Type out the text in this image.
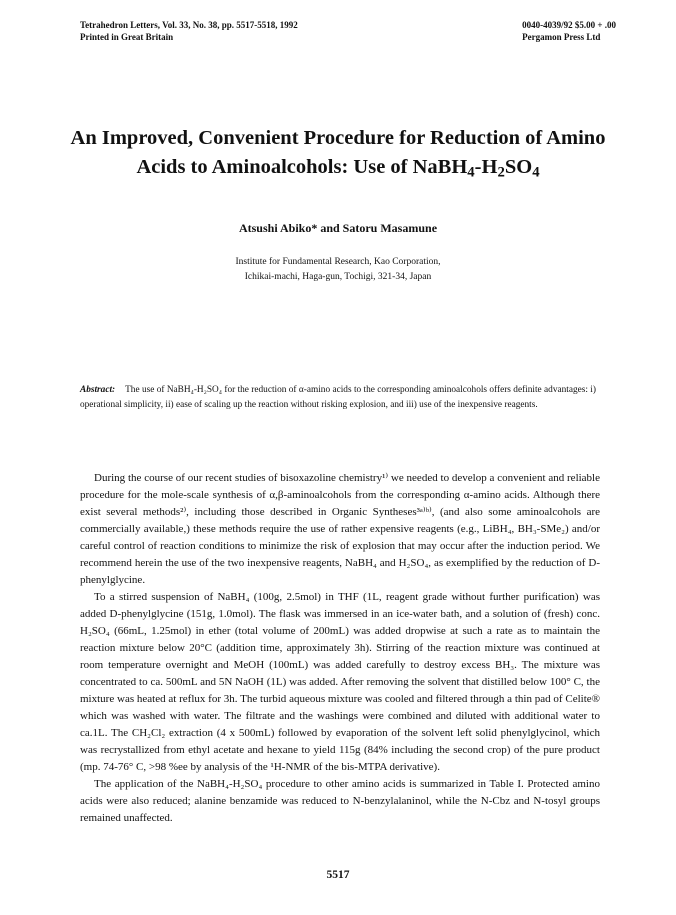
Tetrahedron Letters, Vol. 33, No. 38, pp. 5517-5518, 1992
Printed in Great Britain
0040-4039/92 $5.00 + .00
Pergamon Press Ltd
An Improved, Convenient Procedure for Reduction of Amino
Acids to Aminoalcohols: Use of $NaBH_4-H_2SO_4$
Atsushi Abiko* and Satoru Masamune
Institute for Fundamental Research, Kao Corporation,
Ichikai-machi, Haga-gun, Tochigi, 321-34, Japan
Abstract: The use of NaBH₄-H₂SO₄ for the reduction of α-amino acids to the corresponding aminoalcohols offers definite advantages: i) operational simplicity, ii) ease of scaling up the reaction without risking explosion, and iii) use of the inexpensive reagents.

During the course of our recent studies of bisoxazoline chemistry¹⁾ we needed to develop a convenient and reliable procedure for the mole-scale synthesis of α,β-aminoalcohols from the corresponding α-amino acids. Although there exist several methods²⁾, including those described in Organic Syntheses³ᵃ⁾ᵇ⁾, (and also some aminoalcohols are commercially available,) these methods require the use of rather expensive reagents (e.g., LiBH₄, BH₃-SMe₂) and/or careful control of reaction conditions to minimize the risk of explosion that may occur after the induction period. We recommend herein the use of the two inexpensive reagents, NaBH₄ and H₂SO₄, as exemplified by the reduction of D-phenylglycine.

To a stirred suspension of NaBH₄ (100g, 2.5mol) in THF (1L, reagent grade without further purification) was added D-phenylglycine (151g, 1.0mol). The flask was immersed in an ice-water bath, and a solution of (fresh) conc. H₂SO₄ (66mL, 1.25mol) in ether (total volume of 200mL) was added dropwise at such a rate as to maintain the reaction mixture below 20°C (addition time, approximately 3h). Stirring of the reaction mixture was continued at room temperature overnight and MeOH (100mL) was added carefully to destroy excess BH₃. The mixture was concentrated to ca. 500mL and 5N NaOH (1L) was added. After removing the solvent that distilled below 100° C, the mixture was heated at reflux for 3h. The turbid aqueous mixture was cooled and filtered through a thin pad of Celite® which was washed with water. The filtrate and the washings were combined and diluted with additional water to ca.1L. The CH₂Cl₂ extraction (4 x 500mL) followed by evaporation of the solvent left solid phenylglycinol, which was recrystallized from ethyl acetate and hexane to yield 115g (84% including the second crop) of the pure product (mp. 74-76° C, >98 %ee by analysis of the ¹H-NMR of the bis-MTPA derivative).

The application of the NaBH₄-H₂SO₄ procedure to other amino acids is summarized in Table I. Protected amino acids were also reduced; alanine benzamide was reduced to N-benzylalaninol, while the N-Cbz and N-tosyl groups remained unaffected.

5517
